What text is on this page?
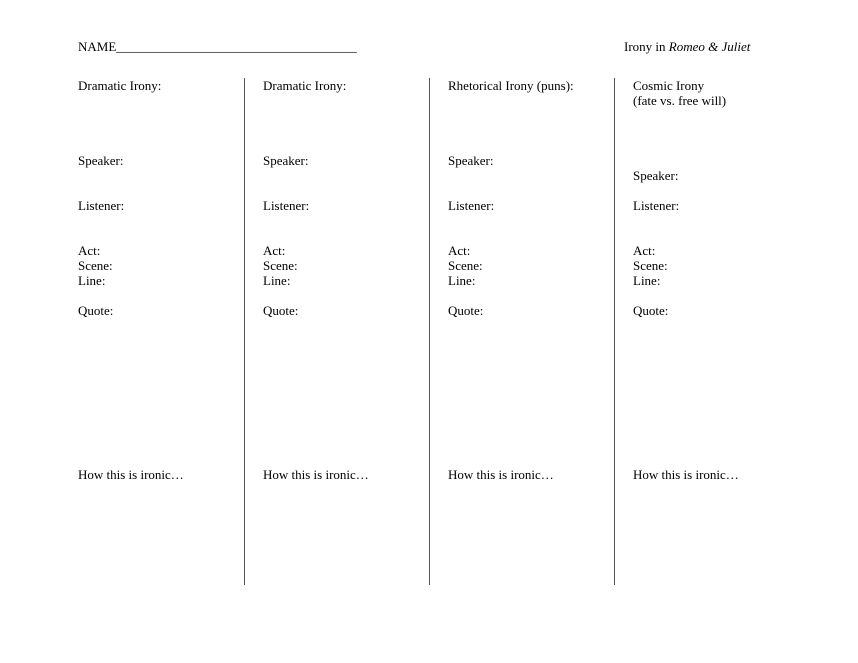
NAME_____________________________________	Irony in Romeo & Juliet
Dramatic Irony:
Speaker:
Listener:
Act:
Scene:
Line:
Quote:
How this is ironic…
Dramatic Irony:
Speaker:
Listener:
Act:
Scene:
Line:
Quote:
How this is ironic…
Rhetorical Irony (puns):
Speaker:
Listener:
Act:
Scene:
Line:
Quote:
How this is ironic…
Cosmic Irony
(fate vs. free will)
Speaker:
Listener:
Act:
Scene:
Line:
Quote:
How this is ironic…
